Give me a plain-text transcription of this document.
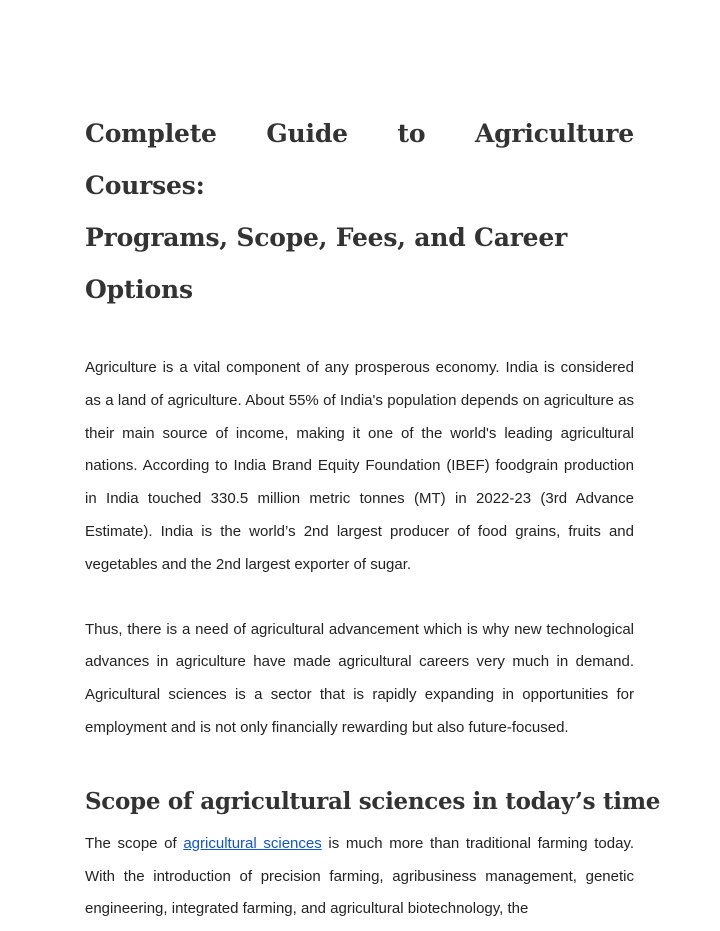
Complete Guide to Agriculture Courses:
Programs, Scope, Fees, and Career Options

Agriculture is a vital component of any prosperous economy. India is considered as a land of agriculture. About 55% of India's population depends on agriculture as their main source of income, making it one of the world's leading agricultural nations. According to India Brand Equity Foundation (IBEF) foodgrain production in India touched 330.5 million metric tonnes (MT) in 2022-23 (3rd Advance Estimate). India is the world’s 2nd largest producer of food grains, fruits and vegetables and the 2nd largest exporter of sugar.

Thus, there is a need of agricultural advancement which is why new technological advances in agriculture have made agricultural careers very much in demand. Agricultural sciences is a sector that is rapidly expanding in opportunities for employment and is not only financially rewarding but also future-focused.

Scope of agricultural sciences in today’s time

The scope of agricultural sciences is much more than traditional farming today. With the introduction of precision farming, agribusiness management, genetic engineering, integrated farming, and agricultural biotechnology, the
